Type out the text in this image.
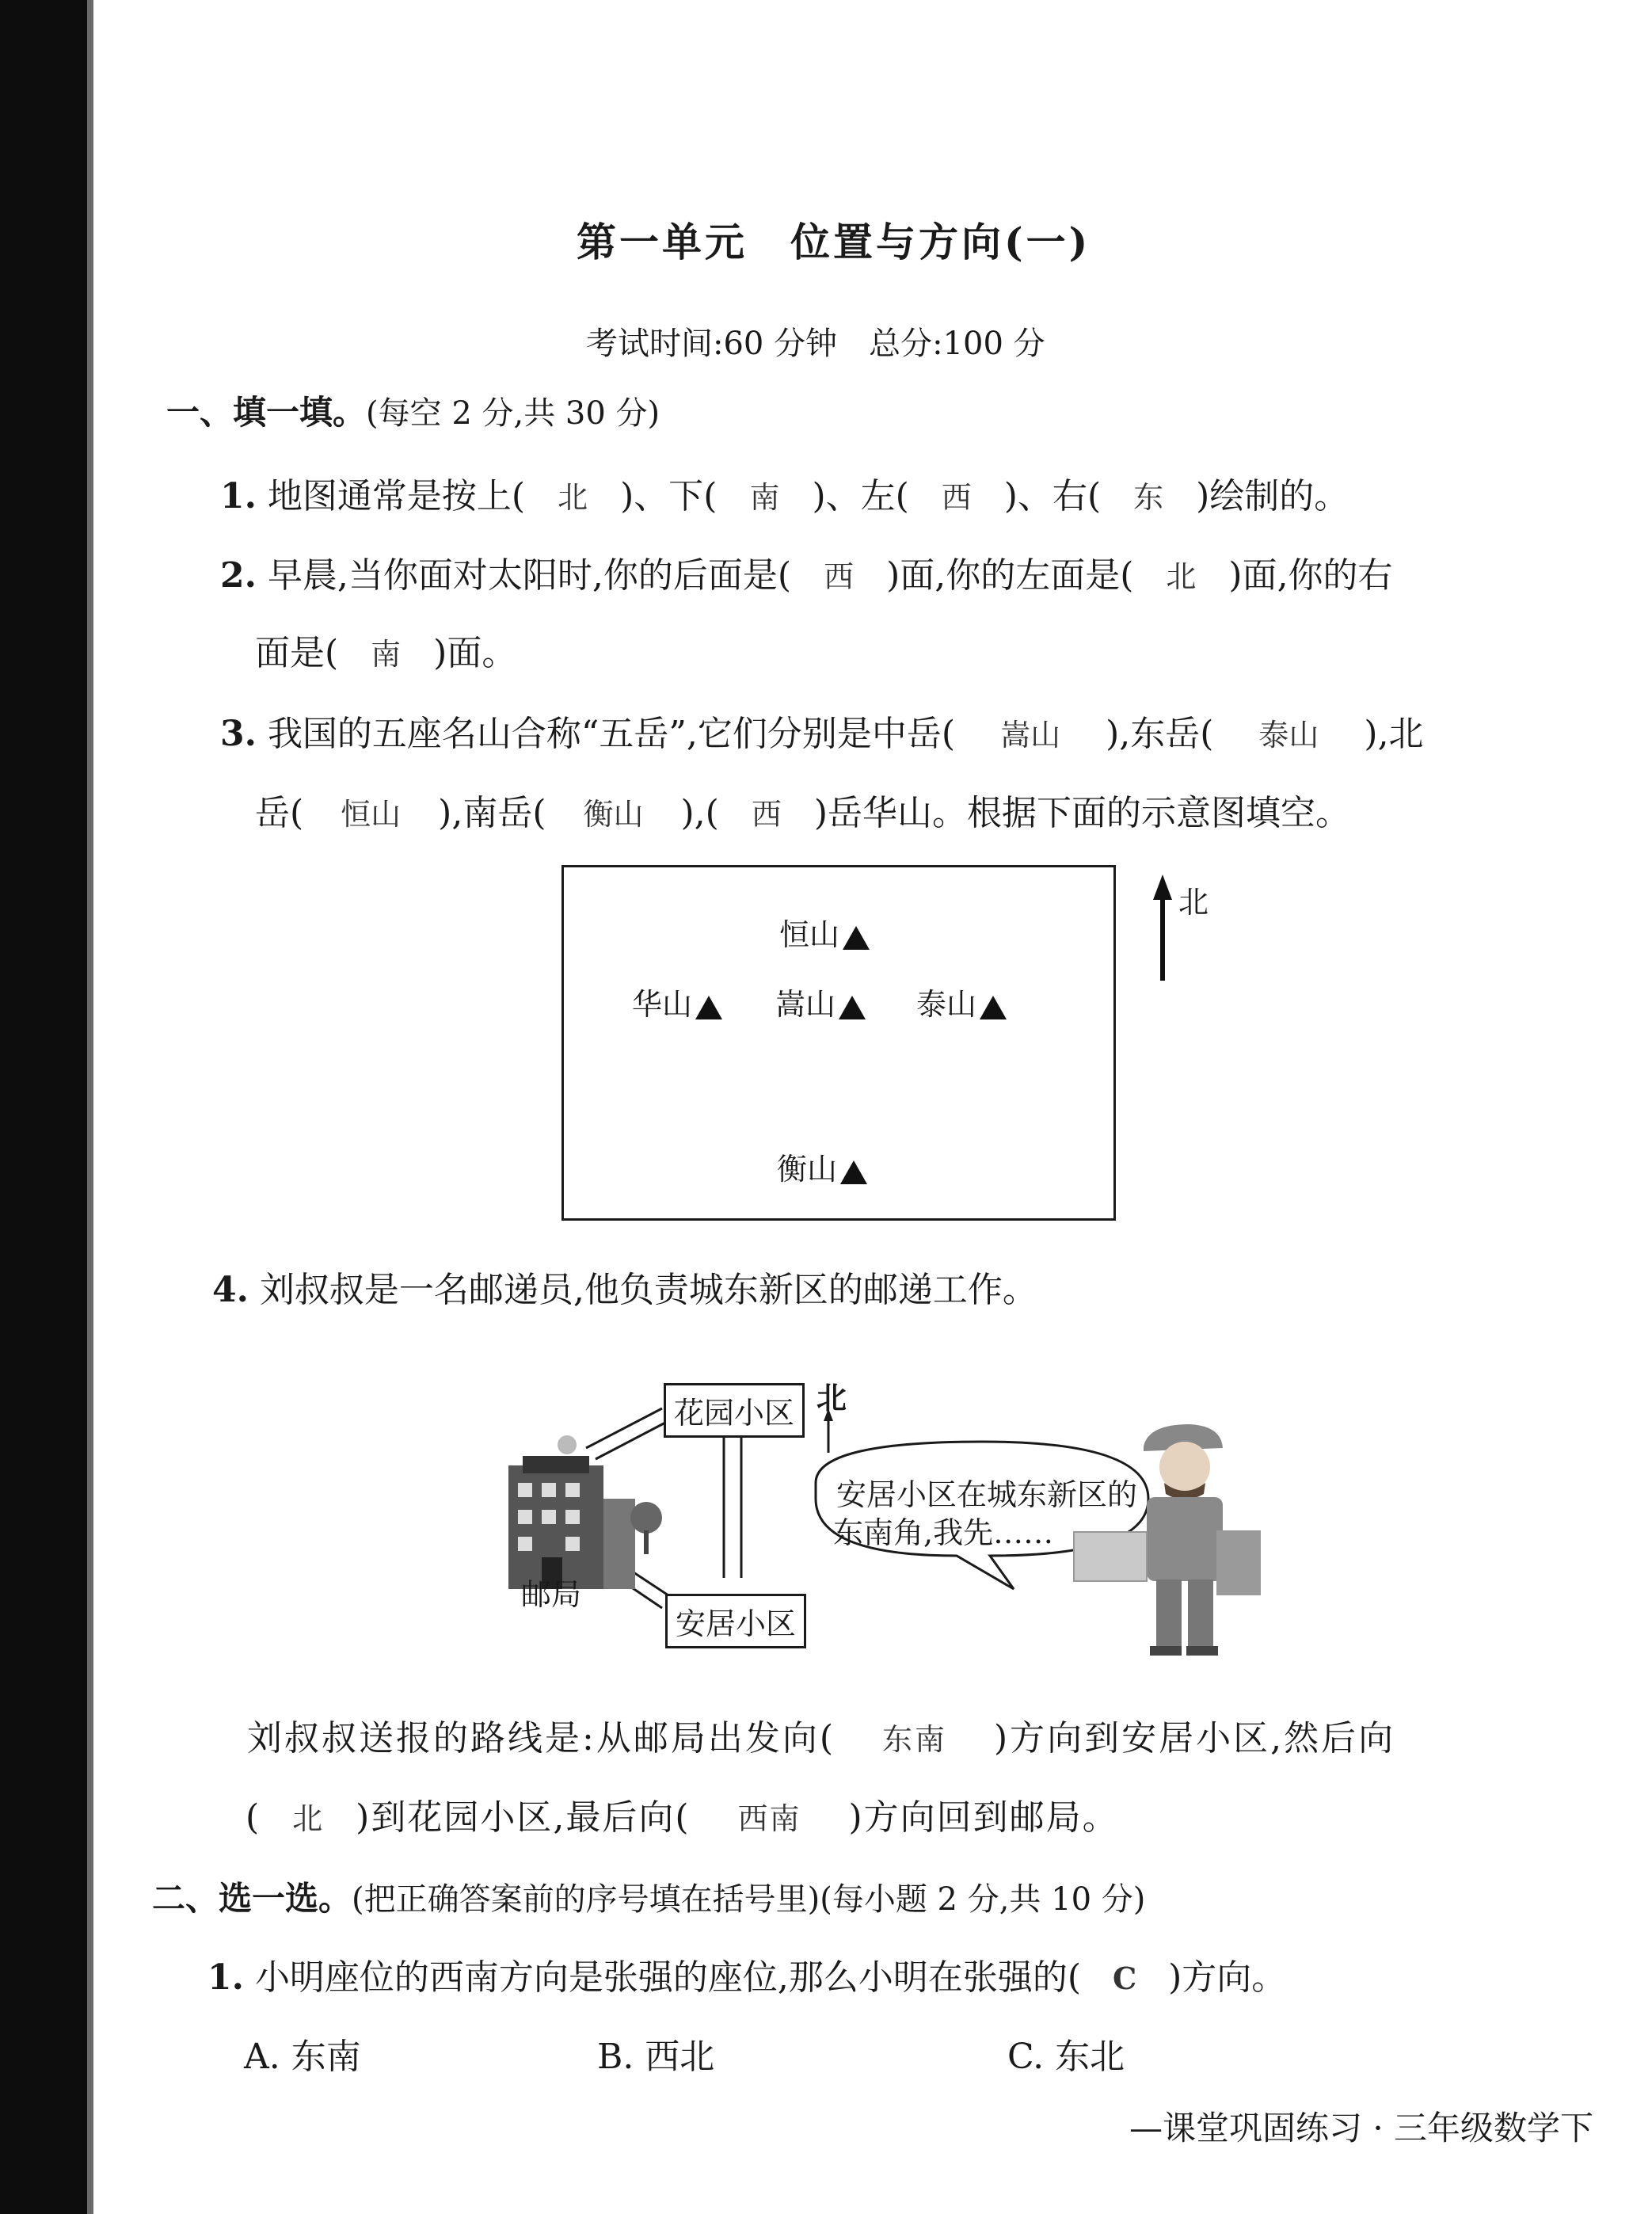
第一单元　位置与方向(一)
考试时间:60 分钟　总分:100 分
一、填一填。(每空 2 分,共 30 分)
1. 地图通常是按上( 北 )、下( 南 )、左( 西 )、右( 东 )绘制的。
2. 早晨,当你面对太阳时,你的后面是( 西 )面,你的左面是( 北 )面,你的右
面是( 南 )面。
3. 我国的五座名山合称“五岳”,它们分别是中岳( 嵩山 ),东岳( 泰山 ),北
岳( 恒山 ),南岳( 衡山 ),( 西 )岳华山。根据下面的示意图填空。
恒山
华山	嵩山	泰山
衡山
北
4. 刘叔叔是一名邮递员,他负责城东新区的邮递工作。
花园小区
安居小区
邮局
北
安居小区在城东新区的
东南角,我先……
刘叔叔送报的路线是:从邮局出发向( 东南 )方向到安居小区,然后向
( 北 )到花园小区,最后向( 西南 )方向回到邮局。
二、选一选。(把正确答案前的序号填在括号里)(每小题 2 分,共 10 分)
1. 小明座位的西南方向是张强的座位,那么小明在张强的( C )方向。
A. 东南	B. 西北	C. 东北
—课堂巩固练习 · 三年级数学下
